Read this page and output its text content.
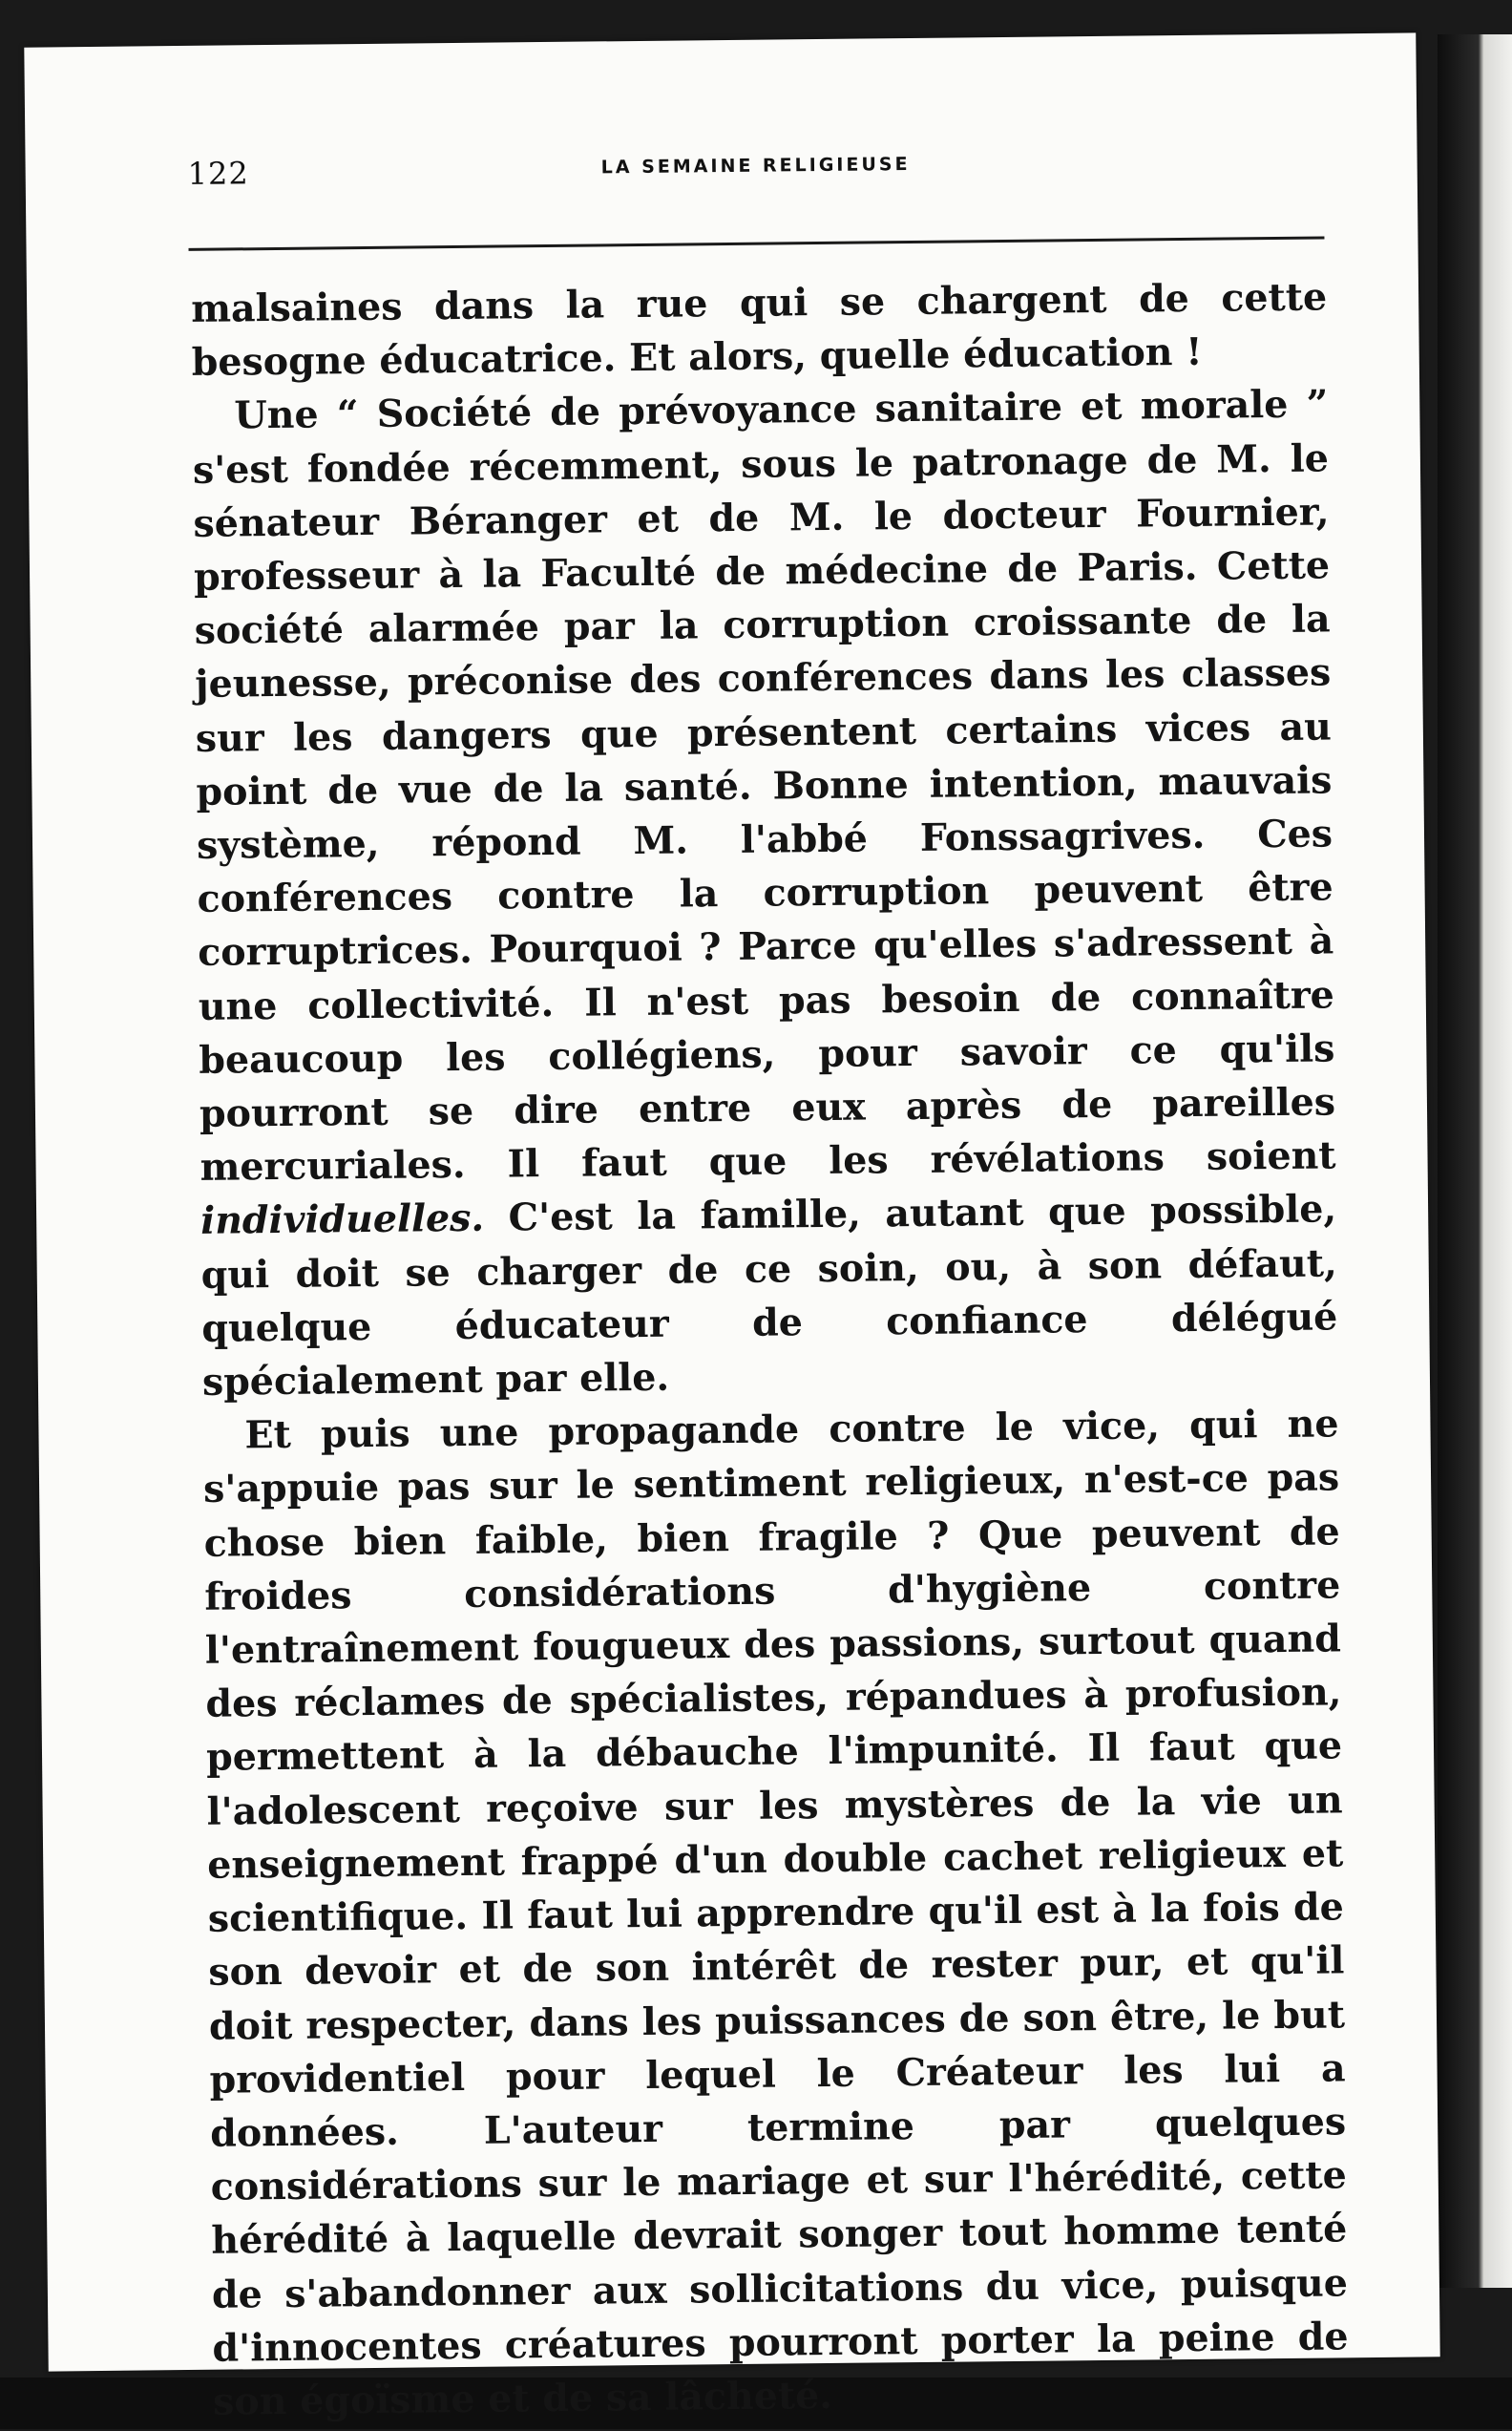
122	LA SEMAINE RELIGIEUSE

malsaines dans la rue qui se chargent de cette besogne éducatrice. Et alors, quelle éducation !

Une “ Société de prévoyance sanitaire et morale ” s'est fondée récemment, sous le patronage de M. le sénateur Béranger et de M. le docteur Fournier, professeur à la Faculté de médecine de Paris. Cette société alarmée par la corruption croissante de la jeunesse, préconise des conférences dans les classes sur les dangers que présentent certains vices au point de vue de la santé. Bonne intention, mauvais système, répond M. l'abbé Fonssagrives. Ces conférences contre la corruption peuvent être corruptrices. Pourquoi ? Parce qu'elles s'adressent à une collectivité. Il n'est pas besoin de connaître beaucoup les collégiens, pour savoir ce qu'ils pourront se dire entre eux après de pareilles mercuriales. Il faut que les révélations soient individuelles. C'est la famille, autant que possible, qui doit se charger de ce soin, ou, à son défaut, quelque éducateur de confiance délégué spécialement par elle.

Et puis une propagande contre le vice, qui ne s'appuie pas sur le sentiment religieux, n'est-ce pas chose bien faible, bien fragile ? Que peuvent de froides considérations d'hygiène contre l'entraînement fougueux des passions, surtout quand des réclames de spécialistes, répandues à profusion, permettent à la débauche l'impunité. Il faut que l'adolescent reçoive sur les mystères de la vie un enseignement frappé d'un double cachet religieux et scientifique. Il faut lui apprendre qu'il est à la fois de son devoir et de son intérêt de rester pur, et qu'il doit respecter, dans les puissances de son être, le but providentiel pour lequel le Créateur les lui a données. L'auteur termine par quelques considérations sur le mariage et sur l'hérédité, cette hérédité à laquelle devrait songer tout homme tenté de s'abandonner aux sollicitations du vice, puisque d'innocentes créatures pourront porter la peine de son égoïsme et de sa lâcheté.
